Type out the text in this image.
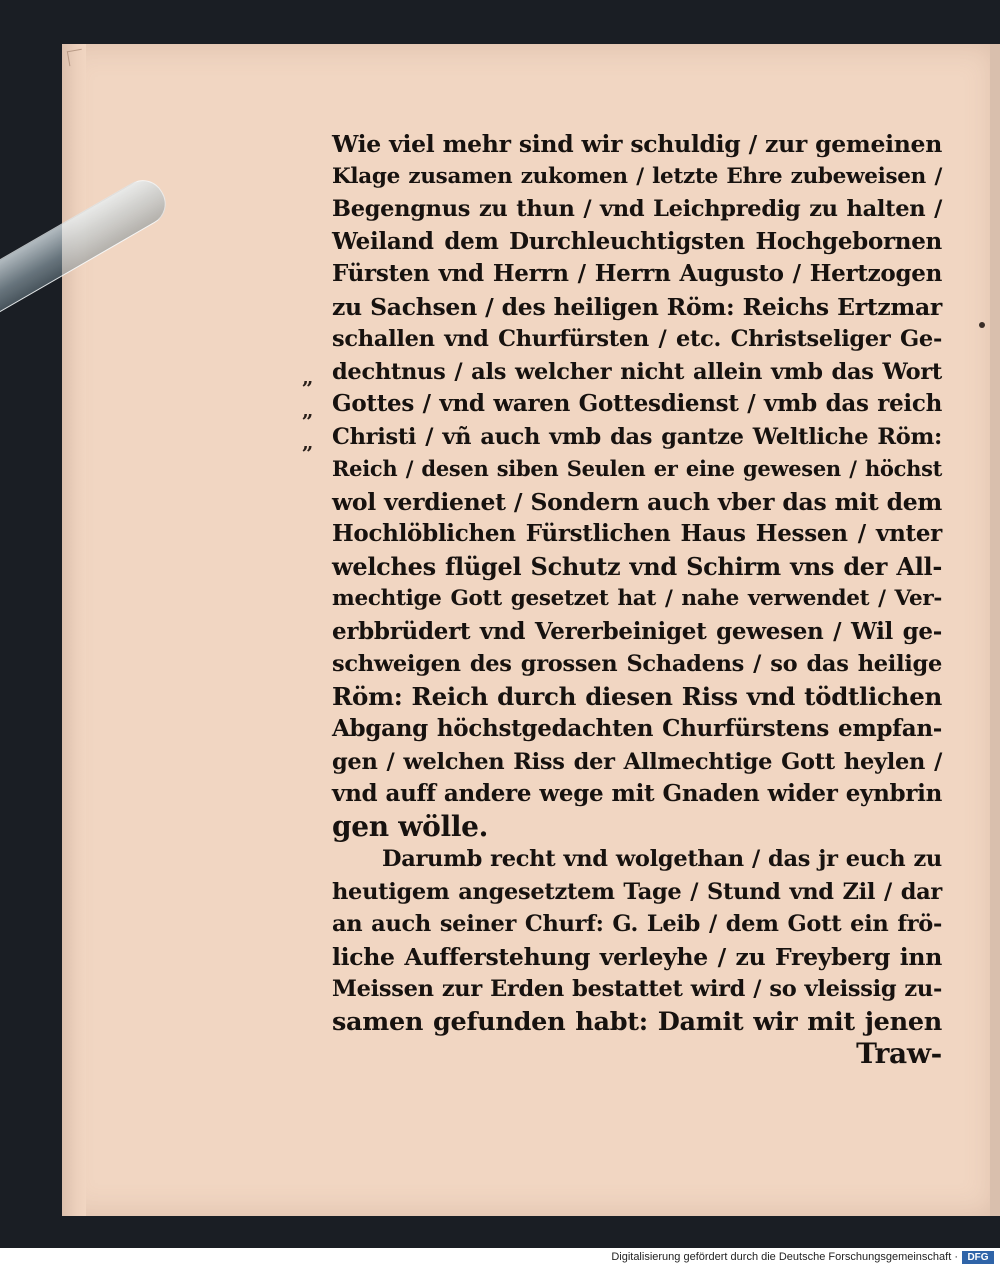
„
„
„
Wie viel mehr sind wir schuldig / zur gemeinen
Klage zusamen zukomen / letzte Ehre zubeweisen /
Begengnus zu thun / vnd Leichpredig zu halten /
Weiland dem Durchleuchtigsten Hochgebornen
Fürsten vnd Herrn / Herrn Augusto / Hertzogen
zu Sachsen / des heiligen Röm: Reichs Ertzmar
schallen vnd Churfürsten / etc. Christseliger Ge-
dechtnus / als welcher nicht allein vmb das Wort
Gottes / vnd waren Gottesdienst / vmb das reich
Christi / vñ auch vmb das gantze Weltliche Röm:
Reich / desen siben Seulen er eine gewesen / höchst
wol verdienet / Sondern auch vber das mit dem
Hochlöblichen Fürstlichen Haus Hessen / vnter
welches flügel Schutz vnd Schirm vns der All-
mechtige Gott gesetzet hat / nahe verwendet / Ver-
erbbrüdert vnd Vererbeiniget gewesen / Wil ge-
schweigen des grossen Schadens / so das heilige
Röm: Reich durch diesen Riss vnd tödtlichen
Abgang höchstgedachten Churfürstens empfan-
gen / welchen Riss der Allmechtige Gott heylen /
vnd auff andere wege mit Gnaden wider eynbrin
gen wölle.
Darumb recht vnd wolgethan / das jr euch zu
heutigem angesetztem Tage / Stund vnd Zil / dar
an auch seiner Churf: G. Leib / dem Gott ein frö-
liche Aufferstehung verleyhe / zu Freyberg inn
Meissen zur Erden bestattet wird / so vleissig zu-
samen gefunden habt: Damit wir mit jenen
Traw-
Digitalisierung gefördert durch die Deutsche Forschungsgemeinschaft · DFG
